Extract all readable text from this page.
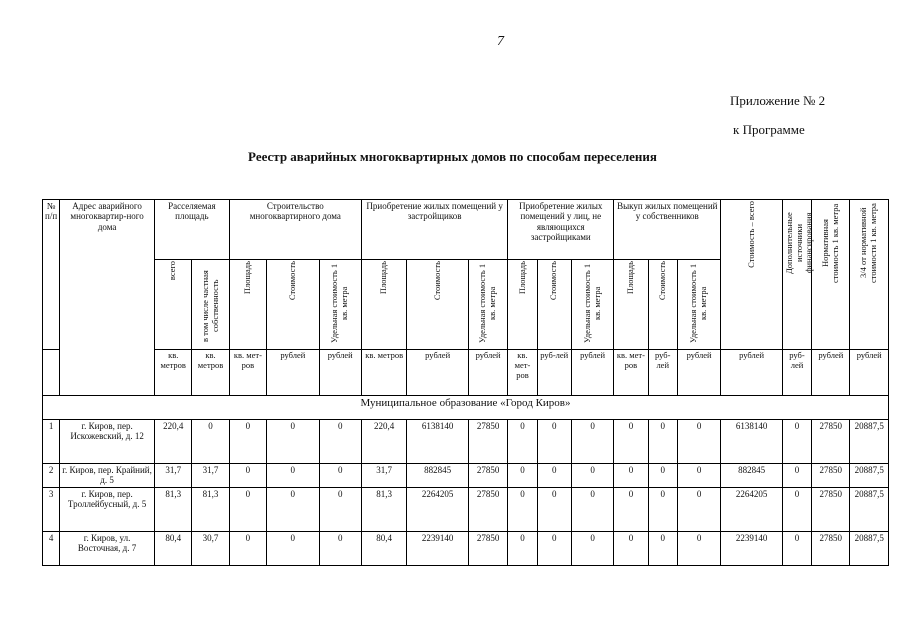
7
Приложение № 2
к Программе
Реестр аварийных многоквартирных домов по способам переселения
№ п/п	Адрес аварийного многоквартир-ного дома	Расселяемая площадь		Строительство многоквартирного дома			Приобретение жилых помещений у застройщиков			Приобретение жилых помещений у лиц, не являющихся застройщиками			Выкуп жилых помещений у собственников			Стоимость – всего	Дополнительные источники финансирования	Нормативная стоимость 1 кв. метра	3/4 от нормативной стоимости 1 кв. метра

		всего	в том числе частная собственность	Площадь	Стоимость	Удельная стоимость 1 кв. метра	Площадь	Стоимость	Удельная стоимость 1 кв. метра	Площадь	Стоимость	Удельная стоимость 1 кв. метра	Площадь	Стоимость	Удельная стоимость 1 кв. метра				

		кв. метров	кв. метров	кв. мет-ров	рублей	рублей	кв. метров	рублей	рублей	кв. мет-ров	руб-лей	рублей	кв. мет-ров	руб-лей	рублей	рублей	руб-лей	рублей	рублей
Муниципальное образование «Город Киров»																			
1	г. Киров, пер. Искожевский, д. 12	220,4	0	0	0	0	220,4	6138140	27850	0	0	0	0	0	0	6138140	0	27850	20887,5
2	г. Киров, пер. Крайний, д. 5	31,7	31,7	0	0	0	31,7	882845	27850	0	0	0	0	0	0	882845	0	27850	20887,5
3	г. Киров, пер. Троллейбусный, д. 5	81,3	81,3	0	0	0	81,3	2264205	27850	0	0	0	0	0	0	2264205	0	27850	20887,5
4	г. Киров, ул. Восточная, д. 7	80,4	30,7	0	0	0	80,4	2239140	27850	0	0	0	0	0	0	2239140	0	27850	20887,5
